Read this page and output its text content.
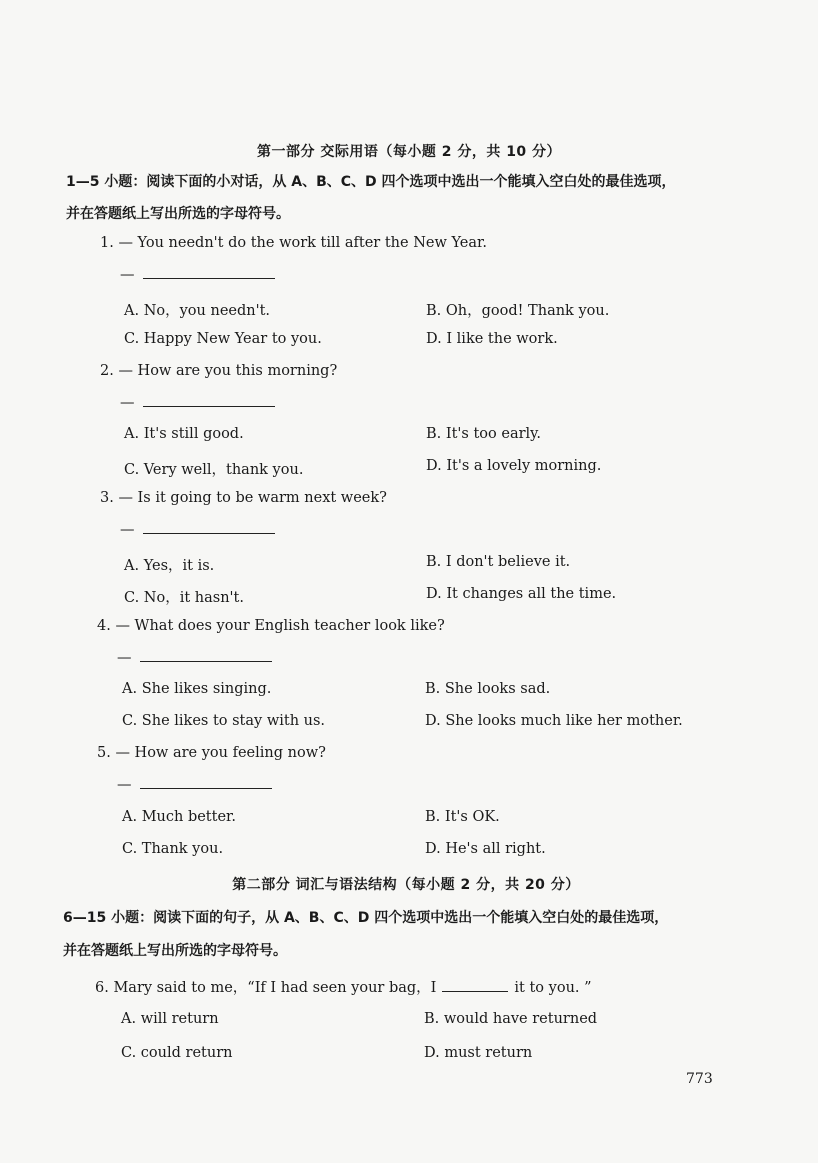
第一部分 交际用语（每小题 2 分，共 10 分）
1—5 小题：阅读下面的小对话，从 A、B、C、D 四个选项中选出一个能填入空白处的最佳选项，
并在答题纸上写出所选的字母符号。
1. — You needn't do the work till after the New Year.
—
A. No，you needn't.	B. Oh，good! Thank you.
C. Happy New Year to you.	D. I like the work.
2. — How are you this morning?
—
A. It's still good.	B. It's too early.
C. Very well，thank you.	D. It's a lovely morning.
3. — Is it going to be warm next week?
—
A. Yes，it is.	B. I don't believe it.
C. No，it hasn't.	D. It changes all the time.
4. — What does your English teacher look like?
—
A. She likes singing.	B. She looks sad.
C. She likes to stay with us.	D. She looks much like her mother.
5. — How are you feeling now?
—
A. Much better.	B. It's OK.
C. Thank you.	D. He's all right.
第二部分 词汇与语法结构（每小题 2 分，共 20 分）
6—15 小题：阅读下面的句子，从 A、B、C、D 四个选项中选出一个能填入空白处的最佳选项，
并在答题纸上写出所选的字母符号。
6. Mary said to me，“If I had seen your bag，I	it to you. ”
A. will return	B. would have returned
C. could return	D. must return
773
